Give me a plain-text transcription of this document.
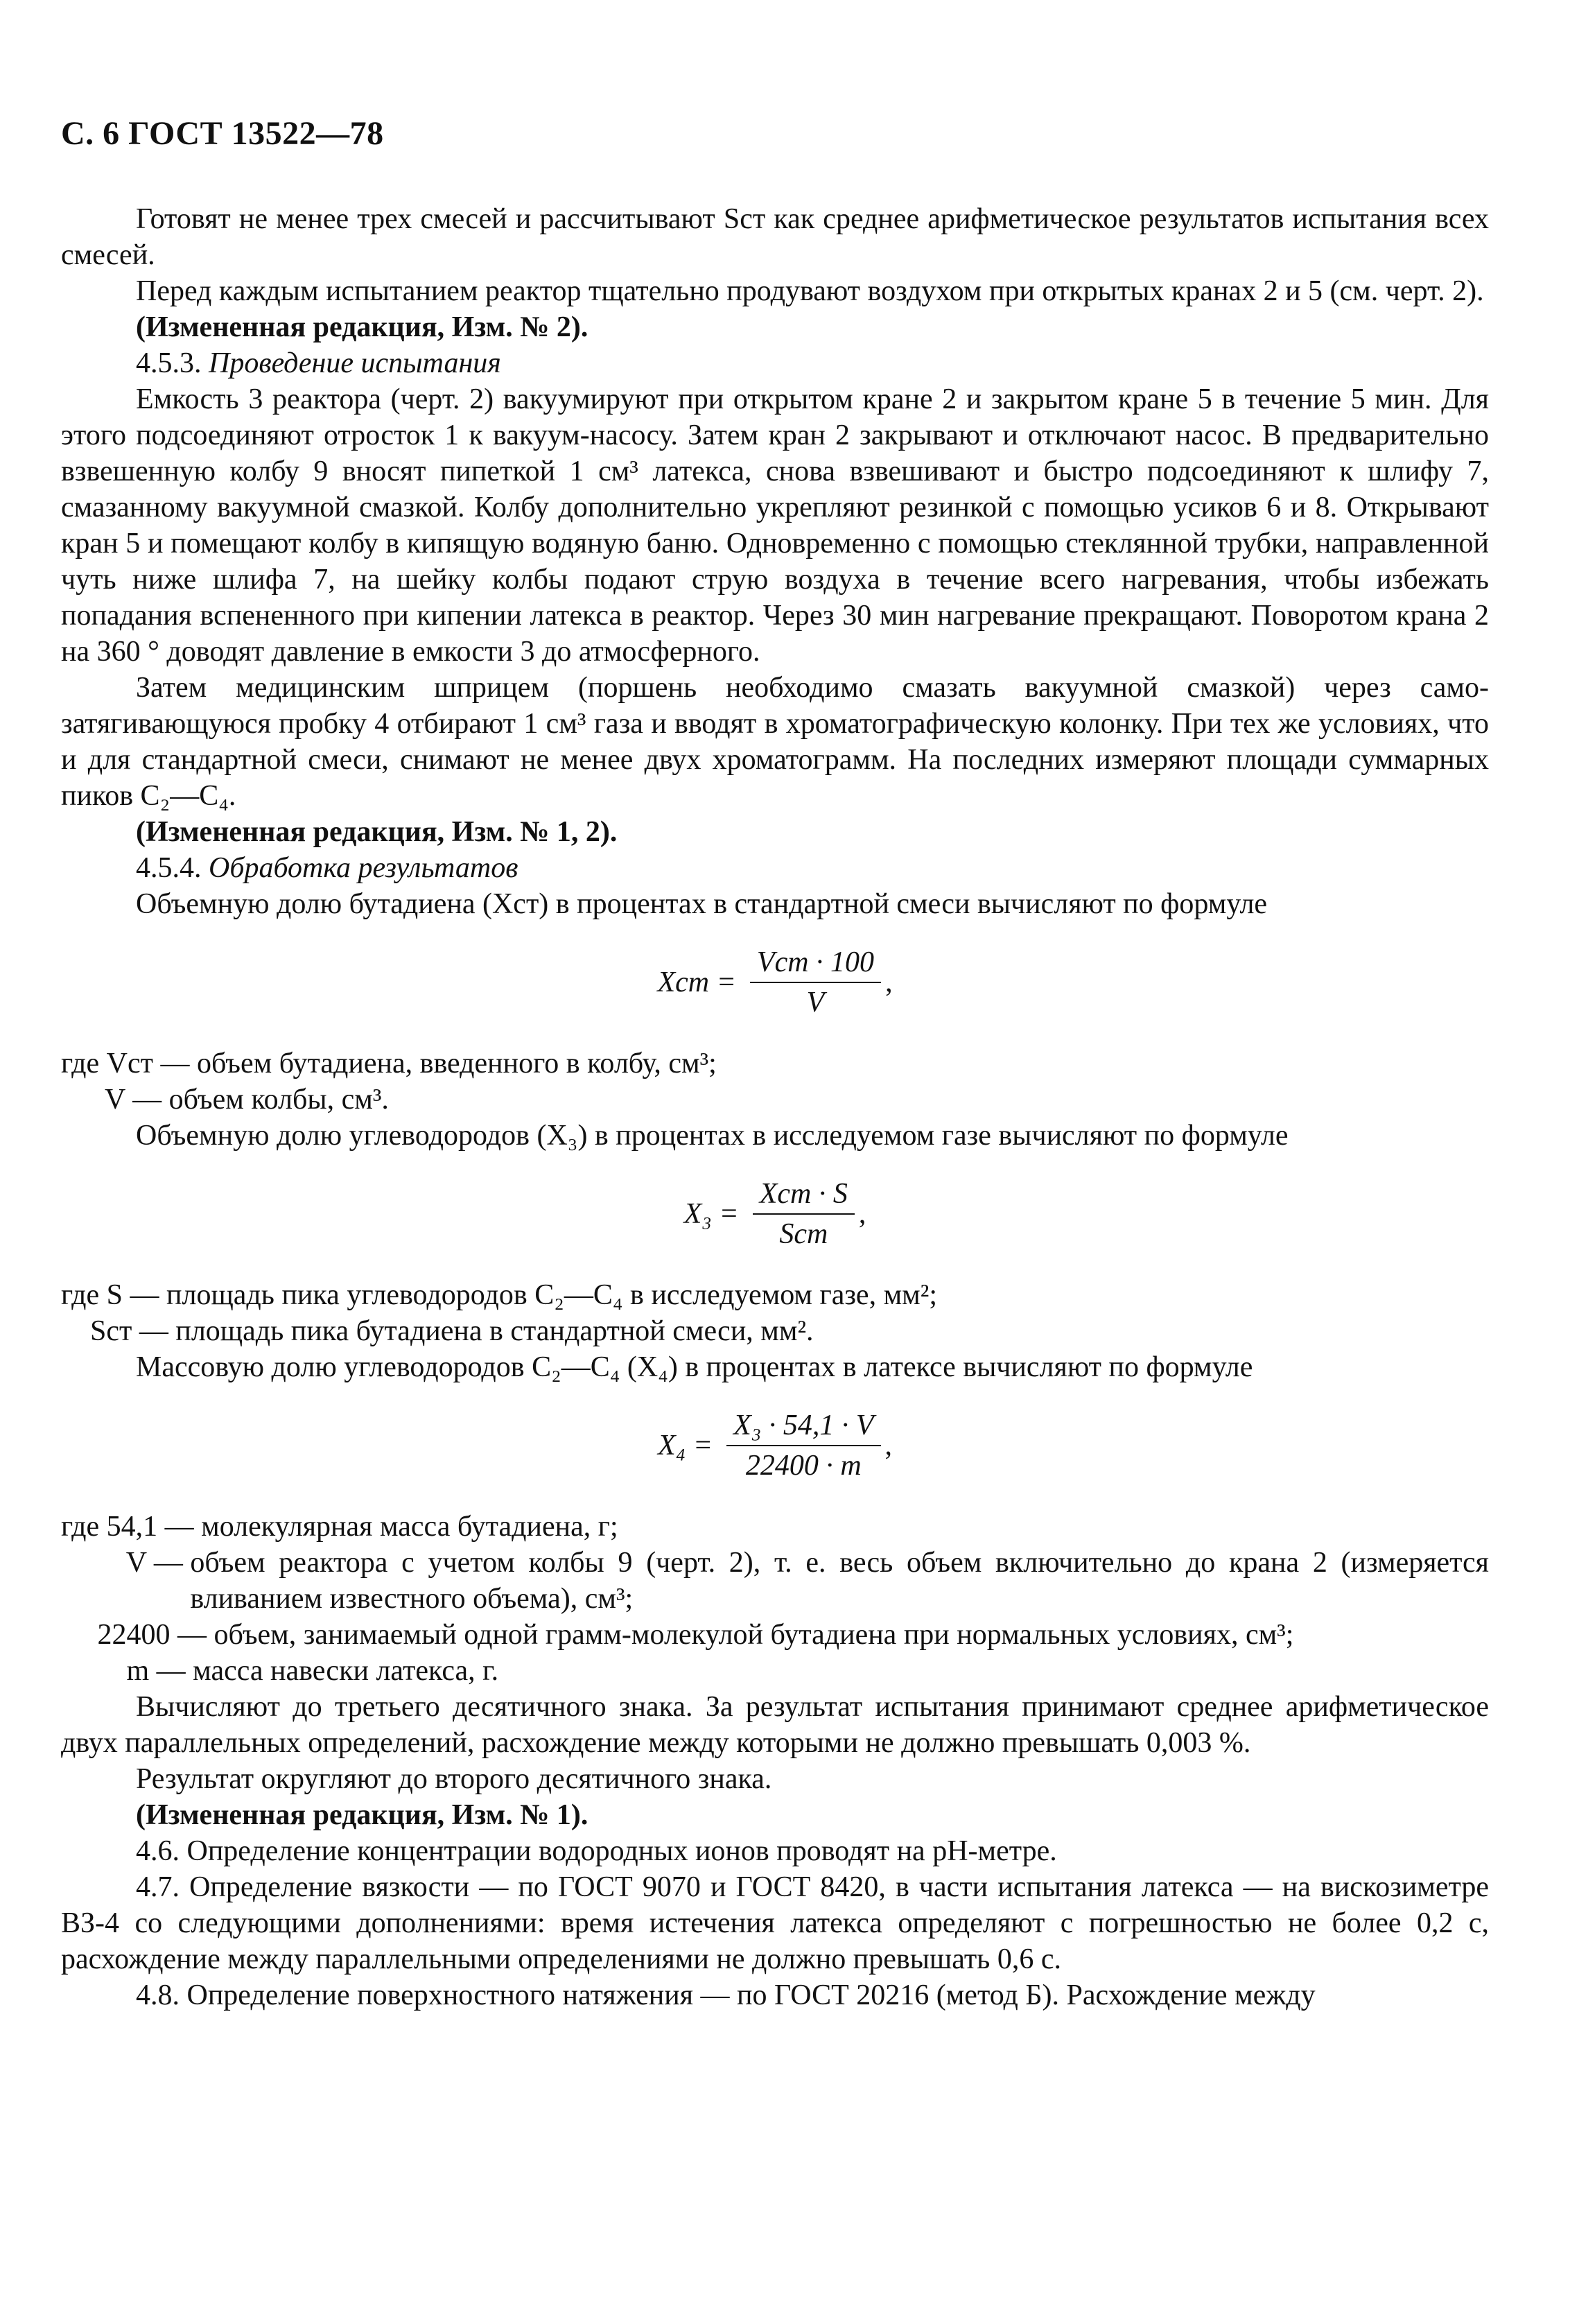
С. 6 ГОСТ 13522—78

Готовят не менее трех смесей и рассчитывают Sст как среднее арифметическое результатов испытания всех смесей.

Перед каждым испытанием реактор тщательно продувают воздухом при открытых кранах 2 и 5 (см. черт. 2).

(Измененная редакция, Изм. № 2).

4.5.3. Проведение испытания

Емкость 3 реактора (черт. 2) вакуумируют при открытом кране 2 и закрытом кране 5 в течение 5 мин. Для этого подсоединяют отросток 1 к вакуум-насосу. Затем кран 2 закрывают и отключают насос. В предварительно взвешенную колбу 9 вносят пипеткой 1 см³ латекса, снова взвешивают и быстро подсоединяют к шлифу 7, смазанному вакуумной смазкой. Колбу дополнительно укрепляют резинкой с помощью усиков 6 и 8. Открывают кран 5 и помещают колбу в кипящую водяную баню. Одновременно с помощью стеклянной трубки, направленной чуть ниже шлифа 7, на шейку колбы подают струю воздуха в течение всего нагревания, чтобы избежать попадания вспененного при кипении латекса в реактор. Через 30 мин нагревание прекращают. Поворотом крана 2 на 360 ° доводят давление в емкости 3 до атмосферного.

Затем медицинским шприцем (поршень необходимо смазать вакуумной смазкой) через само-затягивающуюся пробку 4 отбирают 1 см³ газа и вводят в хроматографическую колонку. При тех же условиях, что и для стандартной смеси, снимают не менее двух хроматограмм. На последних измеряют площади суммарных пиков С₂—С₄.

(Измененная редакция, Изм. № 1, 2).

4.5.4. Обработка результатов

Объемную долю бутадиена (Xст) в процентах в стандартной смеси вычисляют по формуле

Xст = $\frac{\text{Vст · 100}}{V}$ ,
где Vст — объем бутадиена, введенного в колбу, см³;

V — объем колбы, см³.

Объемную долю углеводородов (X₃) в процентах в исследуемом газе вычисляют по формуле

$X_3 = \frac{\text{Xст · S}}{\text{Sст}}$ ,
где S — площадь пика углеводородов C₂—C₄ в исследуемом газе, мм²;

Sст — площадь пика бутадиена в стандартной смеси, мм².

Массовую долю углеводородов С₂—С₄ (X₄) в процентах в латексе вычисляют по формуле

$X_4 = \frac{\text{X₃ · 54,1 · V}}{22400 \cdot m}$ ,
где 54,1 — молекулярная масса бутадиена, г;
V — объем реактора с учетом колбы 9 (черт. 2), т. е. весь объем включительно до крана 2 (измеряется вливанием известного объема), см³;
22400 — объем, занимаемый одной грамм-молекулой бутадиена при нормальных условиях, см³;
m — масса навески латекса, г.

Вычисляют до третьего десятичного знака. За результат испытания принимают среднее арифметическое двух параллельных определений, расхождение между которыми не должно превышать 0,003 %.

Результат округляют до второго десятичного знака.

(Измененная редакция, Изм. № 1).

4.6. Определение концентрации водородных ионов проводят на рН-метре.

4.7. Определение вязкости — по ГОСТ 9070 и ГОСТ 8420, в части испытания латекса — на вискозиметре ВЗ-4 со следующими дополнениями: время истечения латекса определяют с погрешностью не более 0,2 с, расхождение между параллельными определениями не должно превышать 0,6 с.

4.8. Определение поверхностного натяжения — по ГОСТ 20216 (метод Б). Расхождение между
